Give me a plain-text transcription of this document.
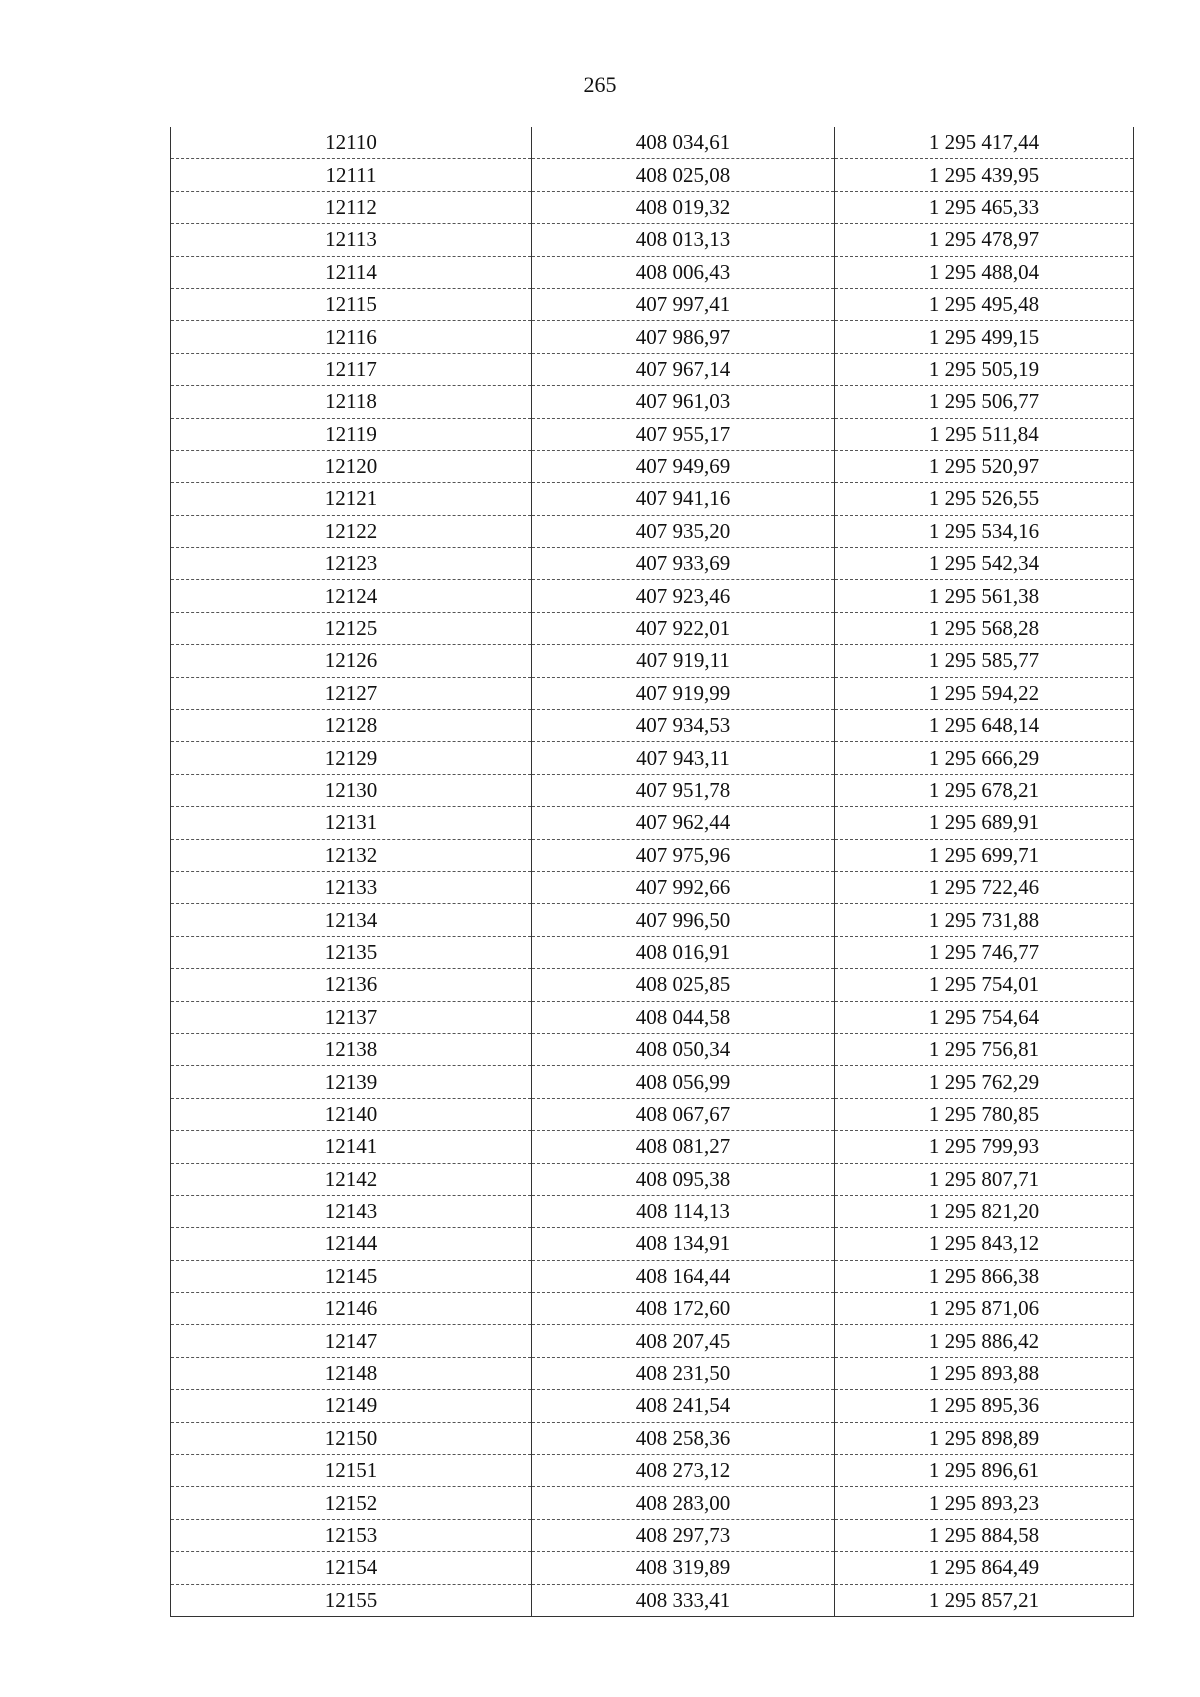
265
12110	408 034,61	1 295 417,44
12111	408 025,08	1 295 439,95
12112	408 019,32	1 295 465,33
12113	408 013,13	1 295 478,97
12114	408 006,43	1 295 488,04
12115	407 997,41	1 295 495,48
12116	407 986,97	1 295 499,15
12117	407 967,14	1 295 505,19
12118	407 961,03	1 295 506,77
12119	407 955,17	1 295 511,84
12120	407 949,69	1 295 520,97
12121	407 941,16	1 295 526,55
12122	407 935,20	1 295 534,16
12123	407 933,69	1 295 542,34
12124	407 923,46	1 295 561,38
12125	407 922,01	1 295 568,28
12126	407 919,11	1 295 585,77
12127	407 919,99	1 295 594,22
12128	407 934,53	1 295 648,14
12129	407 943,11	1 295 666,29
12130	407 951,78	1 295 678,21
12131	407 962,44	1 295 689,91
12132	407 975,96	1 295 699,71
12133	407 992,66	1 295 722,46
12134	407 996,50	1 295 731,88
12135	408 016,91	1 295 746,77
12136	408 025,85	1 295 754,01
12137	408 044,58	1 295 754,64
12138	408 050,34	1 295 756,81
12139	408 056,99	1 295 762,29
12140	408 067,67	1 295 780,85
12141	408 081,27	1 295 799,93
12142	408 095,38	1 295 807,71
12143	408 114,13	1 295 821,20
12144	408 134,91	1 295 843,12
12145	408 164,44	1 295 866,38
12146	408 172,60	1 295 871,06
12147	408 207,45	1 295 886,42
12148	408 231,50	1 295 893,88
12149	408 241,54	1 295 895,36
12150	408 258,36	1 295 898,89
12151	408 273,12	1 295 896,61
12152	408 283,00	1 295 893,23
12153	408 297,73	1 295 884,58
12154	408 319,89	1 295 864,49
12155	408 333,41	1 295 857,21
